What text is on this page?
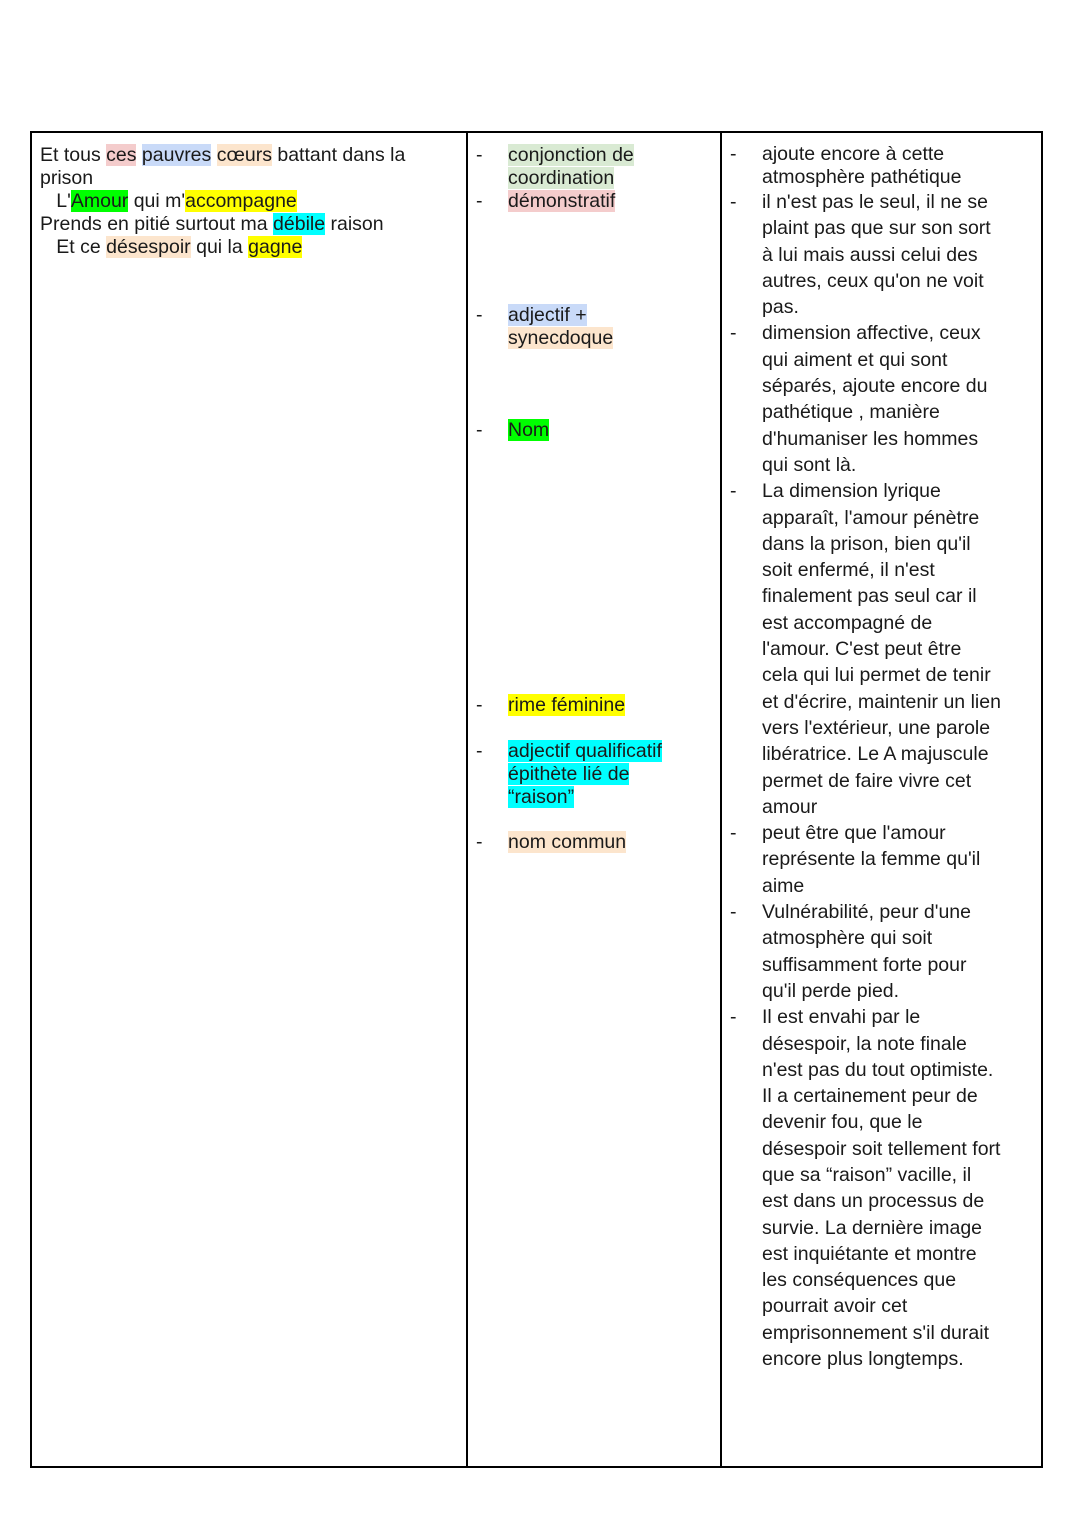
Et tous ces pauvres cœurs battant dans la prison
L'Amour qui m'accompagne
Prends en pitié surtout ma débile raison
Et ce désespoir qui la gagne
- conjonction de coordination
- démonstratif
- adjectif +
synecdoque
- Nom
- rime féminine
- adjectif qualificatif épithète lié de “raison”
- nom commun
- ajoute encore à cette atmosphère pathétique
- il n'est pas le seul, il ne se plaint pas que sur son sort à lui mais aussi celui des autres, ceux qu'on ne voit pas.
- dimension affective, ceux qui aiment et qui sont séparés, ajoute encore du pathétique , manière d'humaniser les hommes qui sont là.
- La dimension lyrique apparaît, l'amour pénètre dans la prison, bien qu'il soit enfermé, il n'est finalement pas seul car il est accompagné de l'amour. C'est peut être cela qui lui permet de tenir et d'écrire, maintenir un lien vers l'extérieur, une parole libératrice. Le A majuscule permet de faire vivre cet amour
- peut être que l'amour représente la femme qu'il aime
- Vulnérabilité, peur d'une atmosphère qui soit suffisamment forte pour qu'il perde pied.
- Il est envahi par le désespoir, la note finale n'est pas du tout optimiste. Il a certainement peur de devenir fou, que le désespoir soit tellement fort que sa “raison” vacille, il est dans un processus de survie. La dernière image est inquiétante et montre les conséquences que pourrait avoir cet emprisonnement s'il durait encore plus longtemps.
